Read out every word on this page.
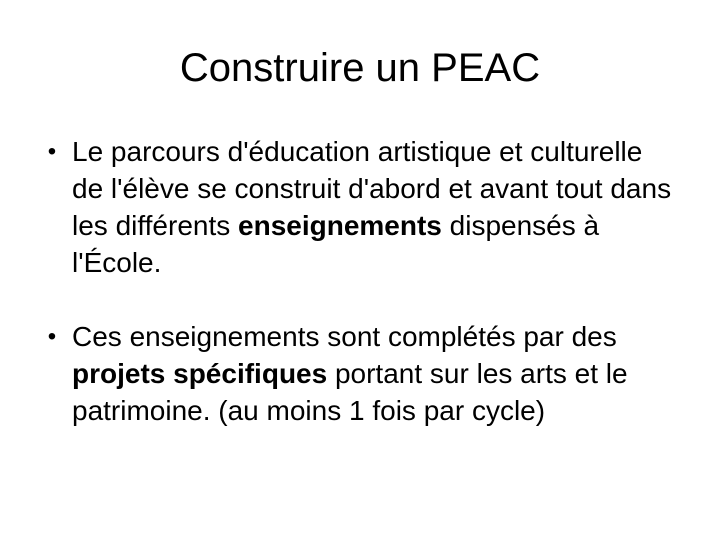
Construire un PEAC
• Le parcours d'éducation artistique et culturelle de l'élève se construit d'abord et avant tout dans les différents enseignements dispensés à l'École.
• Ces enseignements sont complétés par des projets spécifiques portant sur les arts et le patrimoine. (au moins 1 fois par cycle)
